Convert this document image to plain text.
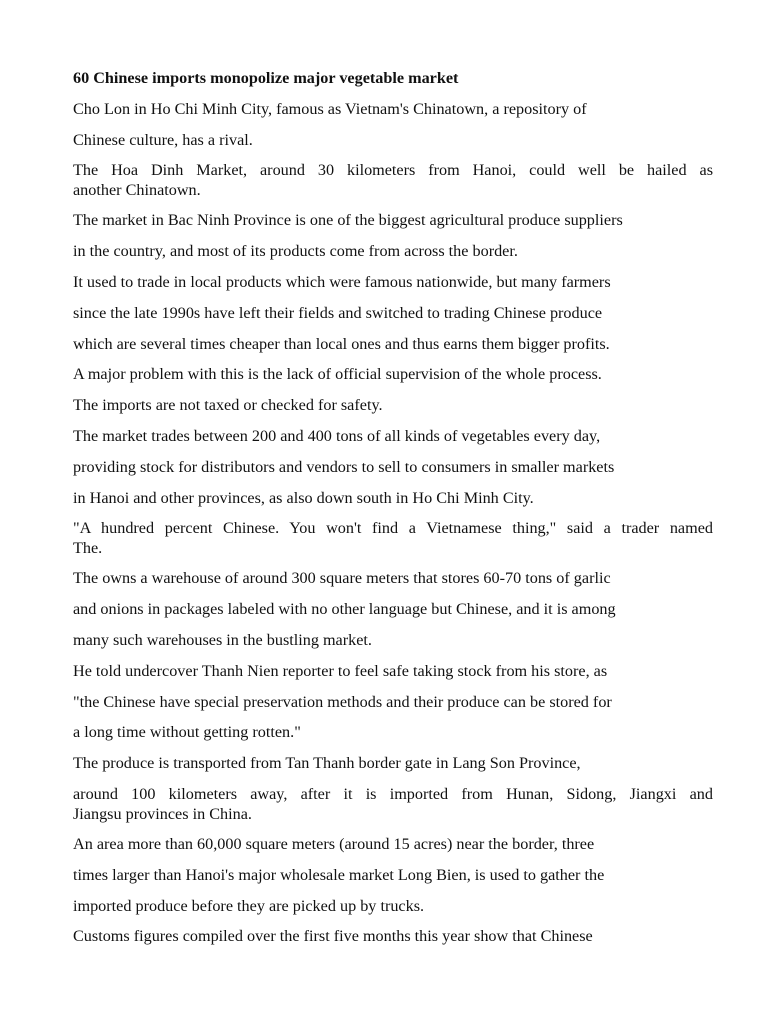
60 Chinese imports monopolize major vegetable market
Cho Lon in Ho Chi Minh City, famous as Vietnam's Chinatown, a repository of
Chinese culture, has a rival.
The Hoa Dinh Market, around 30 kilometers from Hanoi, could well be hailed as
another Chinatown.
The market in Bac Ninh Province is one of the biggest agricultural produce suppliers
in the country, and most of its products come from across the border.
It used to trade in local products which were famous nationwide, but many farmers
since the late 1990s have left their fields and switched to trading Chinese produce
which are several times cheaper than local ones and thus earns them bigger profits.
A major problem with this is the lack of official supervision of the whole process.
The imports are not taxed or checked for safety.
The market trades between 200 and 400 tons of all kinds of vegetables every day,
providing stock for distributors and vendors to sell to consumers in smaller markets
in Hanoi and other provinces, as also down south in Ho Chi Minh City.
"A hundred percent Chinese. You won't find a Vietnamese thing," said a trader named
The.
The owns a warehouse of around 300 square meters that stores 60-70 tons of garlic
and onions in packages labeled with no other language but Chinese, and it is among
many such warehouses in the bustling market.
He told undercover Thanh Nien reporter to feel safe taking stock from his store, as
"the Chinese have special preservation methods and their produce can be stored for
a long time without getting rotten."
The produce is transported from Tan Thanh border gate in Lang Son Province,
around 100 kilometers away, after it is imported from Hunan, Sidong, Jiangxi and
Jiangsu provinces in China.
An area more than 60,000 square meters (around 15 acres) near the border, three
times larger than Hanoi's major wholesale market Long Bien, is used to gather the
imported produce before they are picked up by trucks.
Customs figures compiled over the first five months this year show that Chinese
